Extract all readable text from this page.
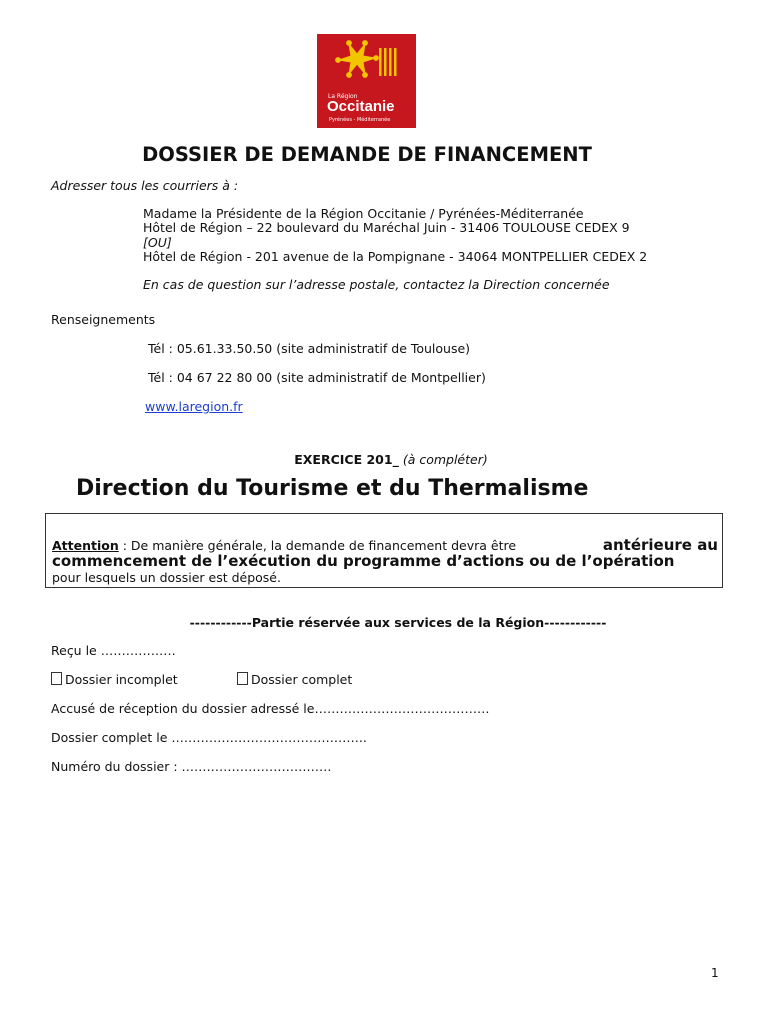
La Région
Occitanie
Pyrénées - Méditerranée
DOSSIER DE DEMANDE DE FINANCEMENT
Adresser tous les courriers à :
Madame la Présidente de la Région Occitanie / Pyrénées-Méditerranée
Hôtel de Région – 22 boulevard du Maréchal Juin - 31406 TOULOUSE CEDEX 9
[OU]
Hôtel de Région - 201 avenue de la Pompignane - 34064 MONTPELLIER CEDEX 2
En cas de question sur l’adresse postale, contactez la Direction concernée
Renseignements
Tél : 05.61.33.50.50 (site administratif de Toulouse)
Tél : 04 67 22 80 00 (site administratif de Montpellier)
www.laregion.fr
EXERCICE 201_ (à compléter)
Direction du Tourisme et du Thermalisme
Attention : De manière générale, la demande de financement devra être	antérieure au
commencement de l’exécution du programme d’actions ou de l’opération
pour lesquels un dossier est déposé.
------------Partie réservée aux services de la Région------------
Reçu le ………………
Dossier incomplet	Dossier complet
Accusé de réception du dossier adressé le……………………………………
Dossier complet le ………………………………………..
Numéro du dossier : ………………………………
1
